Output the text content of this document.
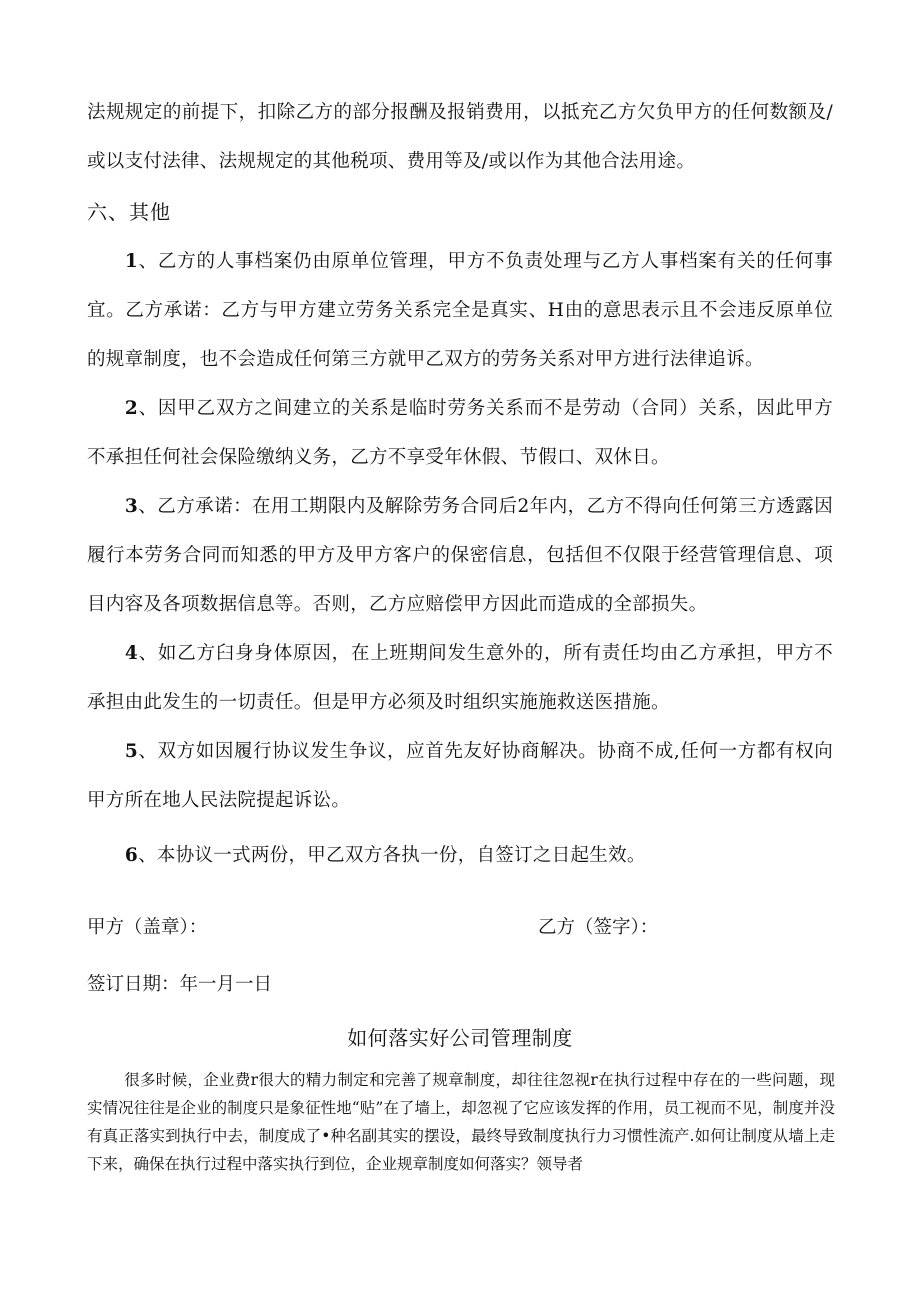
法规规定的前提下，扣除乙方的部分报酬及报销费用，以抵充乙方欠负甲方的任何数额及/或以支付法律、法规规定的其他税项、费用等及/或以作为其他合法用途。

六、其他

1、乙方的人事档案仍由原单位管理，甲方不负责处理与乙方人事档案有关的任何事宜。乙方承诺：乙方与甲方建立劳务关系完全是真实、H由的意思表示且不会违反原单位的规章制度，也不会造成任何第三方就甲乙双方的劳务关系对甲方进行法律追诉。

2、因甲乙双方之间建立的关系是临时劳务关系而不是劳动（合同）关系，因此甲方不承担任何社会保险缴纳义务，乙方不享受年休假、节假口、双休日。

3、乙方承诺：在用工期限内及解除劳务合同后2年内，乙方不得向任何第三方透露因履行本劳务合同而知悉的甲方及甲方客户的保密信息，包括但不仅限于经营管理信息、项目内容及各项数据信息等。否则，乙方应赔偿甲方因此而造成的全部损失。

4、如乙方臼身身体原因，在上班期间发生意外的，所有责任均由乙方承担，甲方不承担由此发生的一切责任。但是甲方必须及时组织实施施救送医措施。

5、双方如因履行协议发生争议，应首先友好协商解决。协商不成,任何一方都有权向甲方所在地人民法院提起诉讼。

6、本协议一式两份，甲乙双方各执一份，自签订之日起生效。

甲方（盖章）：	乙方（签字）：
签订日期：年一月一日
如何落实好公司管理制度

很多时候，企业费r很大的精力制定和完善了规章制度，却往往忽视r在执行过程中存在的一些问题，现实情况往往是企业的制度只是象征性地“贴”在了墙上，却忽视了它应该发挥的作用，员工视而不见，制度并没有真正落实到执行中去，制度成了•种名副其实的摆设，最终导致制度执行力习惯性流产.如何让制度从墙上走下来，确保在执行过程中落实执行到位，企业规章制度如何落实？领导者
